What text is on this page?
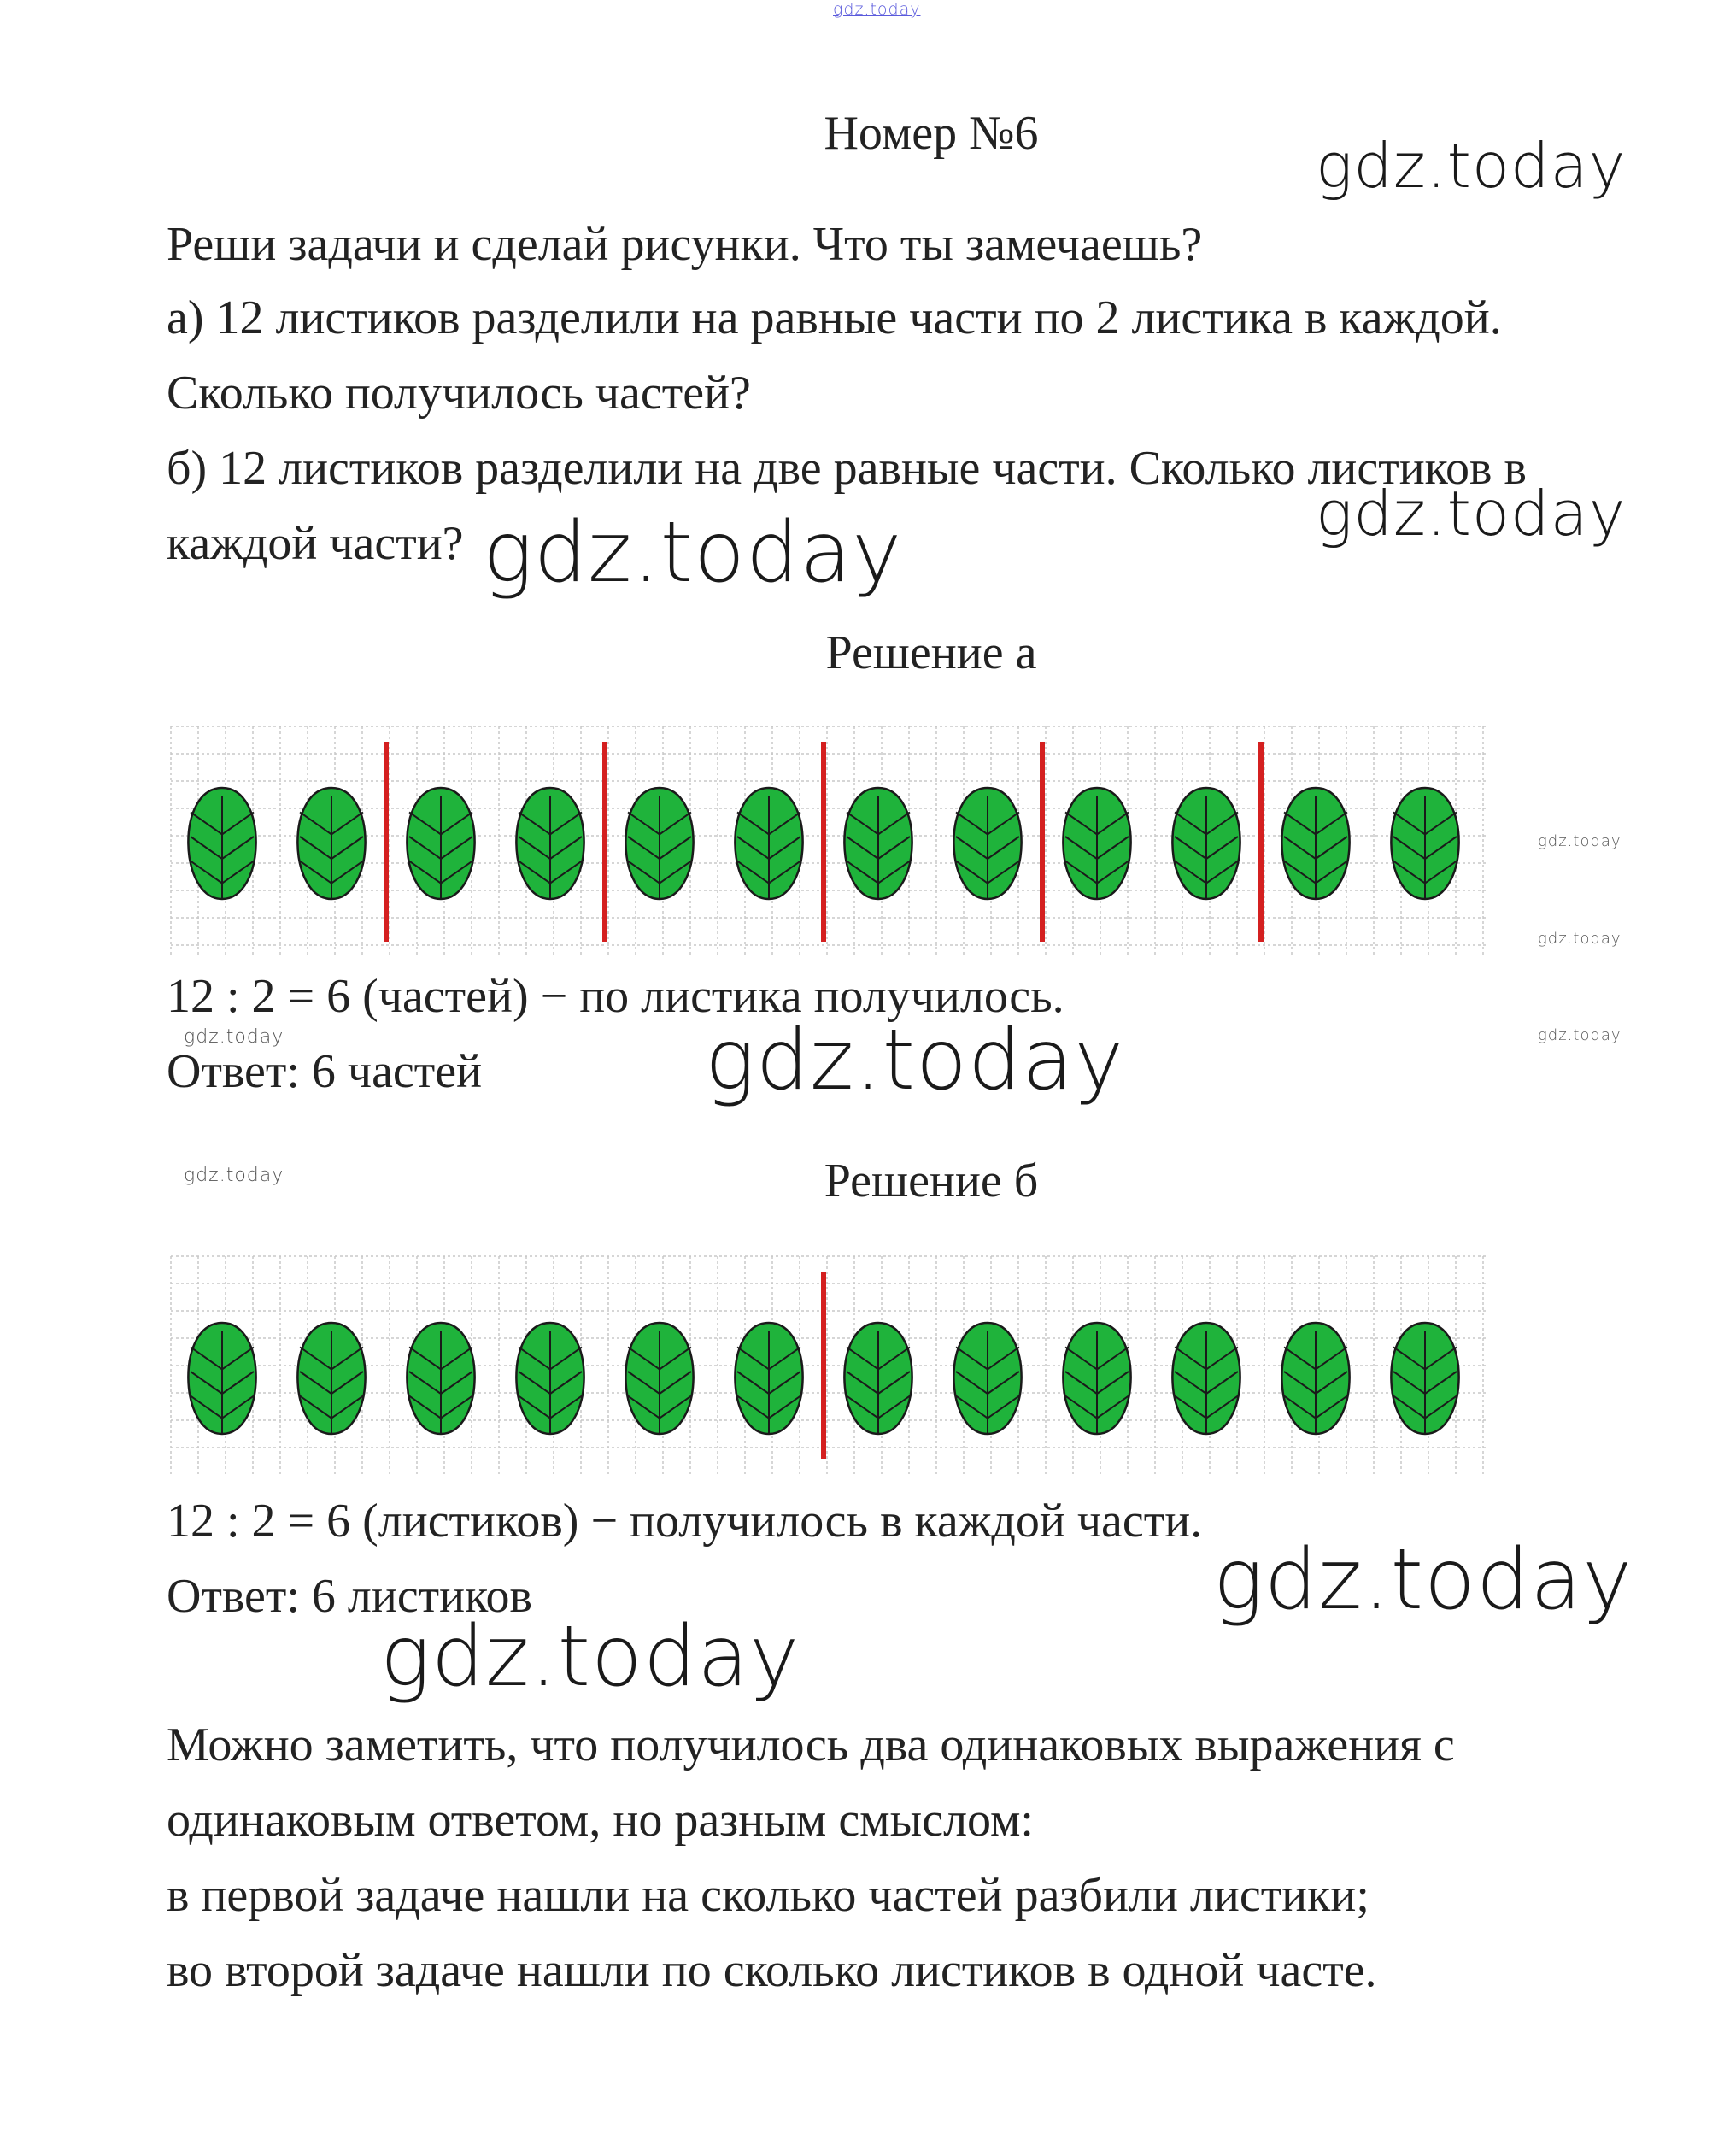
gdz.today
Номер №6	gdz.today
Реши задачи и сделай рисунки. Что ты замечаешь?
а) 12 листиков разделили на равные части по 2 листика в каждой.
Сколько получилось частей?
б) 12 листиков разделили на две равные части. Сколько листиков в
gdz.today
каждой части? gdz.today
Решение а
gdz.today
gdz.today
gdz.today
12 : 2 = 6 (частей) − по листика получилось.
gdz.today
Ответ: 6 частей	gdz.today
gdz.today	Решение б
12 : 2 = 6 (листиков) − получилось в каждой части.
Ответ: 6 листиков	gdz.today
gdz.today
Можно заметить, что получилось два одинаковых выражения с
одинаковым ответом, но разным смыслом:
в первой задаче нашли на сколько частей разбили листики;
во второй задаче нашли по сколько листиков в одной часте.
